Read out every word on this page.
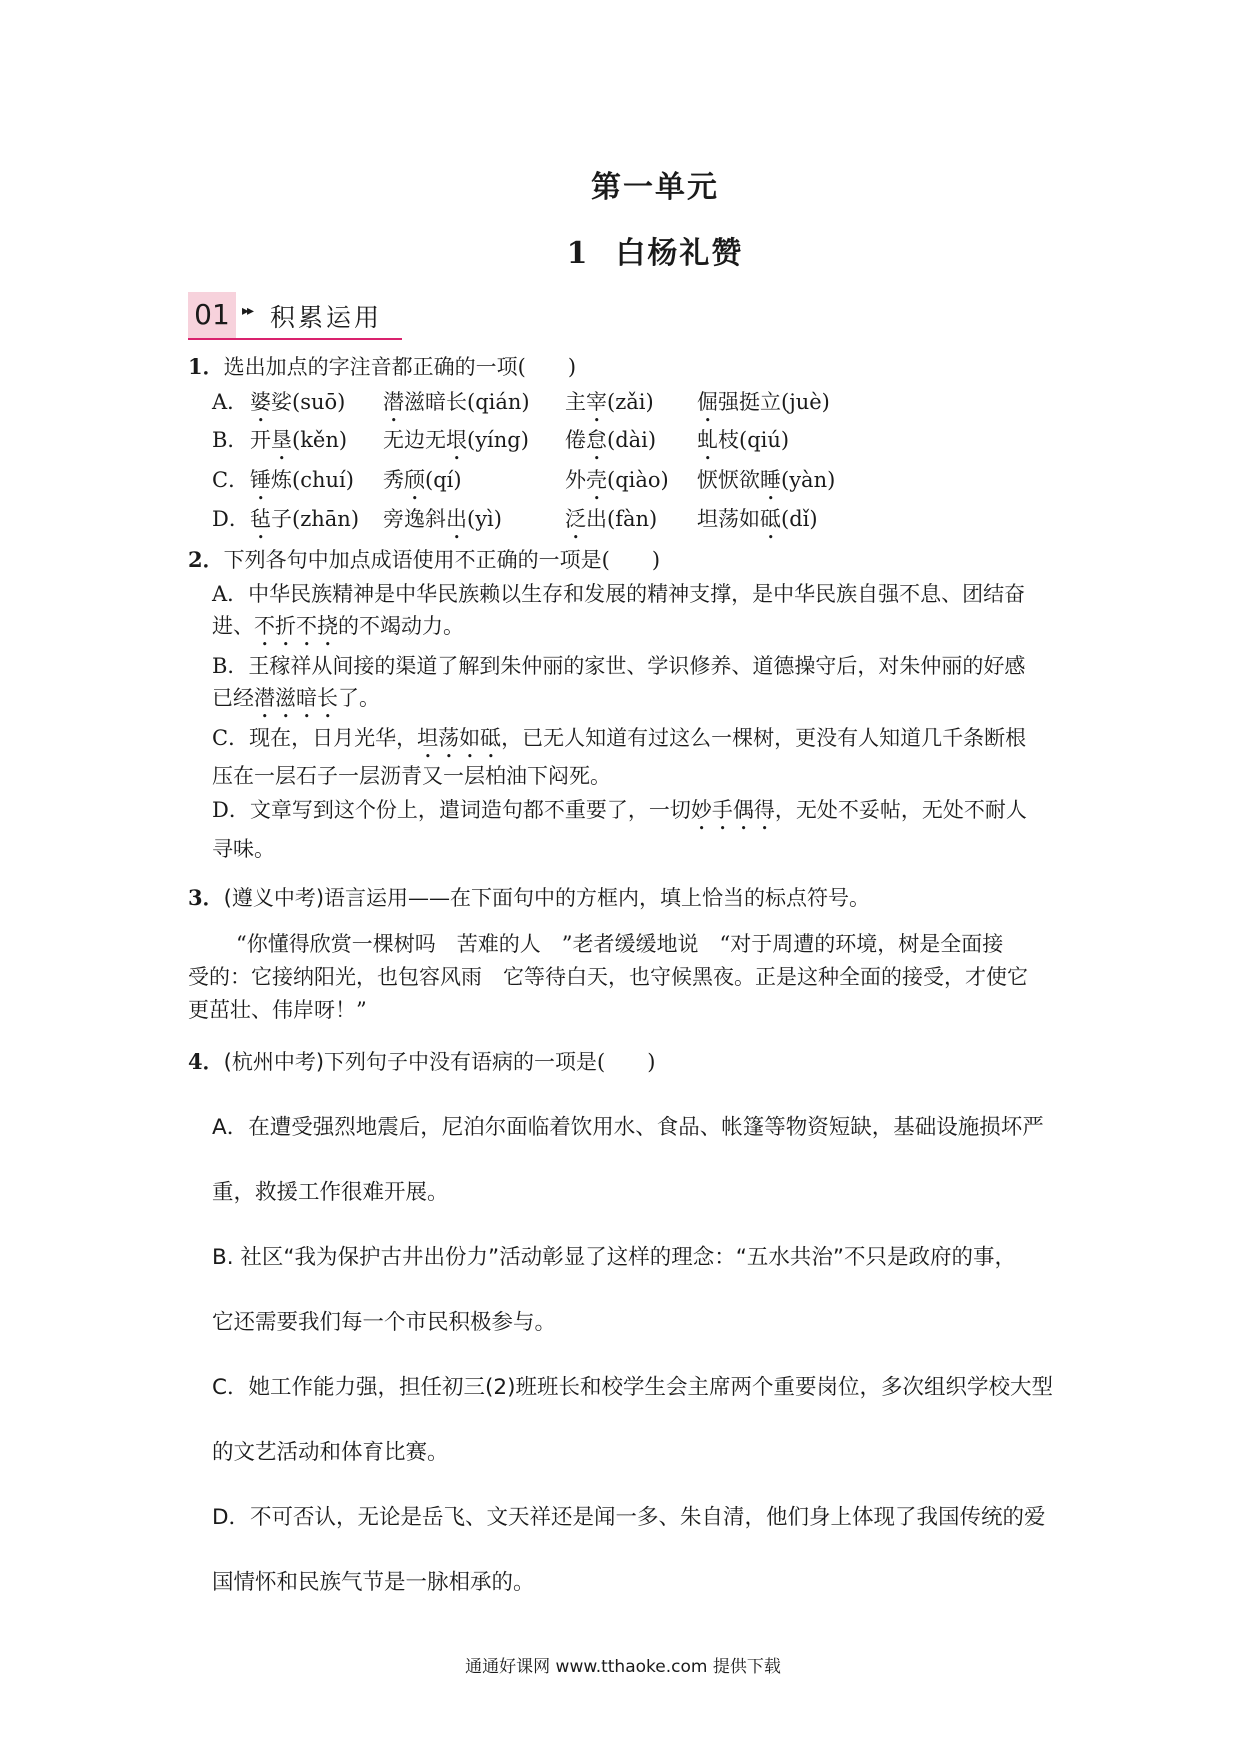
第一单元
1 白杨礼赞
01 ▸▸ 积累运用
1．选出加点的字注音都正确的一项(　　)
A． 婆娑(suō) 潜滋暗长(qián) 主宰(zǎi) 倔强挺立(juè)
B． 开垦(kěn) 无边无垠(yíng) 倦怠(dài) 虬枝(qiú)
C． 锤炼(chuí) 秀颀(qí)	外壳(qiào) 恹恹欲睡(yàn)
D． 毡子(zhān) 旁逸斜出(yì)	泛出(fàn) 坦荡如砥(dǐ)
2．下列各句中加点成语使用不正确的一项是(　　)
A．中华民族精神是中华民族赖以生存和发展的精神支撑，是中华民族自强不息、团结奋
进、不折不挠的不竭动力。
B．王稼祥从间接的渠道了解到朱仲丽的家世、学识修养、道德操守后，对朱仲丽的好感
已经潜滋暗长了。
C．现在，日月光华，坦荡如砥，已无人知道有过这么一棵树，更没有人知道几千条断根
压在一层石子一层沥青又一层柏油下闷死。
D．文章写到这个份上，遣词造句都不重要了，一切妙手偶得，无处不妥帖，无处不耐人
寻味。
3．(遵义中考)语言运用——在下面句中的方框内，填上恰当的标点符号。
“你懂得欣赏一棵树吗　苦难的人　”老者缓缓地说　“对于周遭的环境，树是全面接
受的：它接纳阳光，也包容风雨　它等待白天，也守候黑夜。正是这种全面的接受，才使它
更茁壮、伟岸呀！”
4．(杭州中考)下列句子中没有语病的一项是(　　)
A．在遭受强烈地震后，尼泊尔面临着饮用水、食品、帐篷等物资短缺，基础设施损坏严
重，救援工作很难开展。
B. 社区“我为保护古井出份力”活动彰显了这样的理念：“五水共治”不只是政府的事，
它还需要我们每一个市民积极参与。
C．她工作能力强，担任初三(2)班班长和校学生会主席两个重要岗位，多次组织学校大型
的文艺活动和体育比赛。
D．不可否认，无论是岳飞、文天祥还是闻一多、朱自清，他们身上体现了我国传统的爱
国情怀和民族气节是一脉相承的。
通通好课网 www.tthaoke.com 提供下载
